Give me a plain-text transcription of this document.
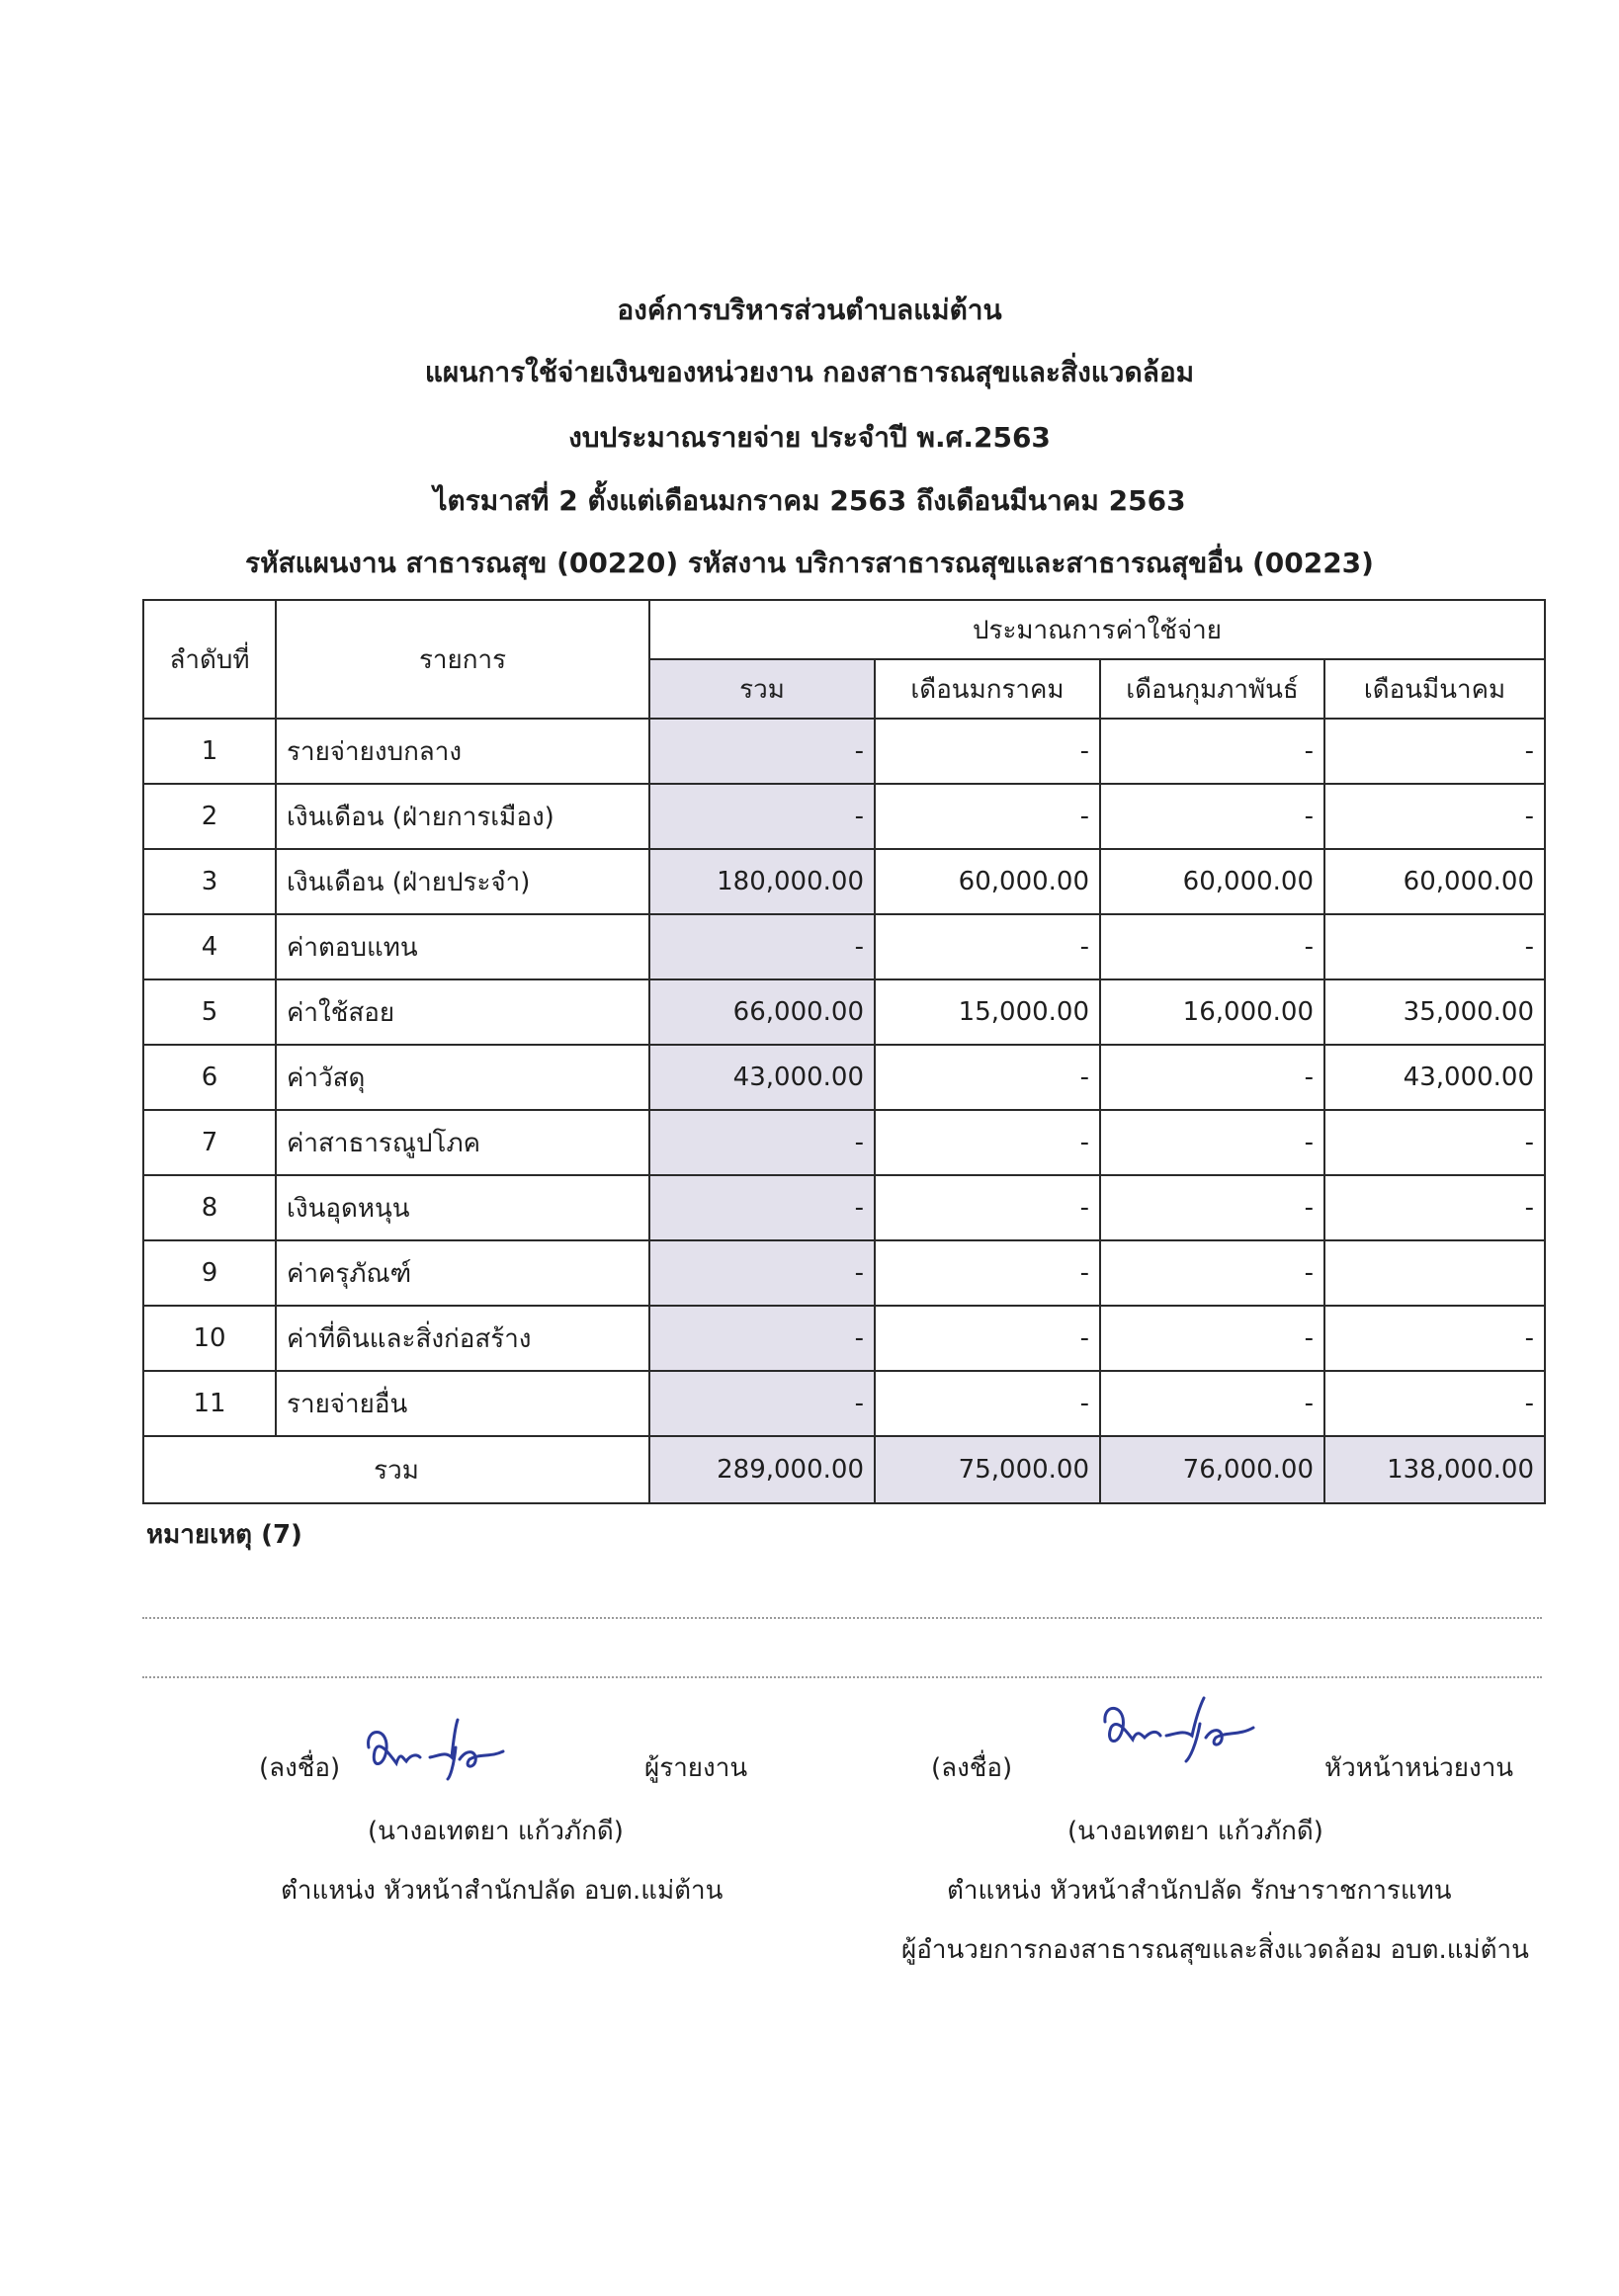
องค์การบริหารส่วนตำบลแม่ต้าน
แผนการใช้จ่ายเงินของหน่วยงาน กองสาธารณสุขและสิ่งแวดล้อม
งบประมาณรายจ่าย ประจำปี พ.ศ.2563
ไตรมาสที่ 2 ตั้งแต่เดือนมกราคม 2563 ถึงเดือนมีนาคม 2563
รหัสแผนงาน สาธารณสุข (00220) รหัสงาน บริการสาธารณสุขและสาธารณสุขอื่น (00223)
ลำดับที่	รายการ	ประมาณการค่าใช้จ่าย			
		รวม	เดือนมกราคม	เดือนกุมภาพันธ์	เดือนมีนาคม
1	รายจ่ายงบกลาง	-	-	-	-
2	เงินเดือน (ฝ่ายการเมือง)	-	-	-	-
3	เงินเดือน (ฝ่ายประจำ)	180,000.00	60,000.00	60,000.00	60,000.00
4	ค่าตอบแทน	-	-	-	-
5	ค่าใช้สอย	66,000.00	15,000.00	16,000.00	35,000.00
6	ค่าวัสดุ	43,000.00	-	-	43,000.00
7	ค่าสาธารณูปโภค	-	-	-	-
8	เงินอุดหนุน	-	-	-	-
9	ค่าครุภัณฑ์	-	-	-	
10	ค่าที่ดินและสิ่งก่อสร้าง	-	-	-	-
11	รายจ่ายอื่น	-	-	-	-
รวม		289,000.00	75,000.00	76,000.00	138,000.00
หมายเหตุ (7)
(ลงชื่อ)	ผู้รายงาน
(นางอเทตยา แก้วภักดี)
ตำแหน่ง หัวหน้าสำนักปลัด อบต.แม่ต้าน
(ลงชื่อ)	หัวหน้าหน่วยงาน
(นางอเทตยา แก้วภักดี)
ตำแหน่ง หัวหน้าสำนักปลัด รักษาราชการแทน
ผู้อำนวยการกองสาธารณสุขและสิ่งแวดล้อม อบต.แม่ต้าน
